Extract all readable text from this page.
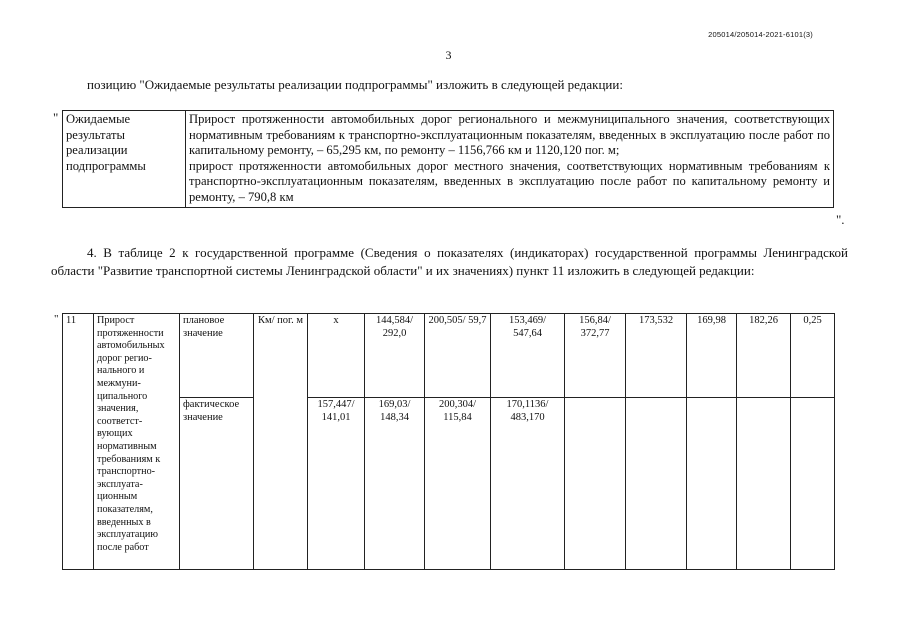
205014/205014-2021-6101(3)
3
позицию "Ожидаемые результаты реализации подпрограммы" изложить в следующей редакции:
" Ожидаемые результаты реализации подпрограммы	

Прирост протяженности автомобильных дорог регионального и межмуниципального значения, соответствующих нормативным требованиям к транспортно-эксплуатационным показателям, введенных в эксплуатацию после работ по капитальному ремонту, – 65,295 км, по ремонту – 1156,766 км и 1120,120 пог. м;

прирост протяженности автомобильных дорог местного значения, соответствующих нормативным требованиям к транспортно-эксплуатационным показателям, введенных в эксплуатацию после работ по капитальному ремонту и ремонту, – 790,8 км

".
4. В таблице 2 к государственной программе (Сведения о показателях (индикаторах) государственной программы Ленинградской области "Развитие транспортной системы Ленинградской области" и их значениях) пункт 11 изложить в следующей редакции:
" 11	Прирост протяженности автомобильных дорог регио-нального и межмуни-ципального значения, соответст-вующих нормативным требованиям к транспортно-эксплуата-ционным показателям, введенных в эксплуатацию после работ	плановое значение	Км/ пог. м	х	144,584/ 292,0	200,505/ 59,7	153,469/ 547,64	156,84/ 372,77	173,532	169,98	182,26	0,25
		фактическое значение		157,447/ 141,01	169,03/ 148,34	200,304/ 115,84	170,1136/ 483,170					
